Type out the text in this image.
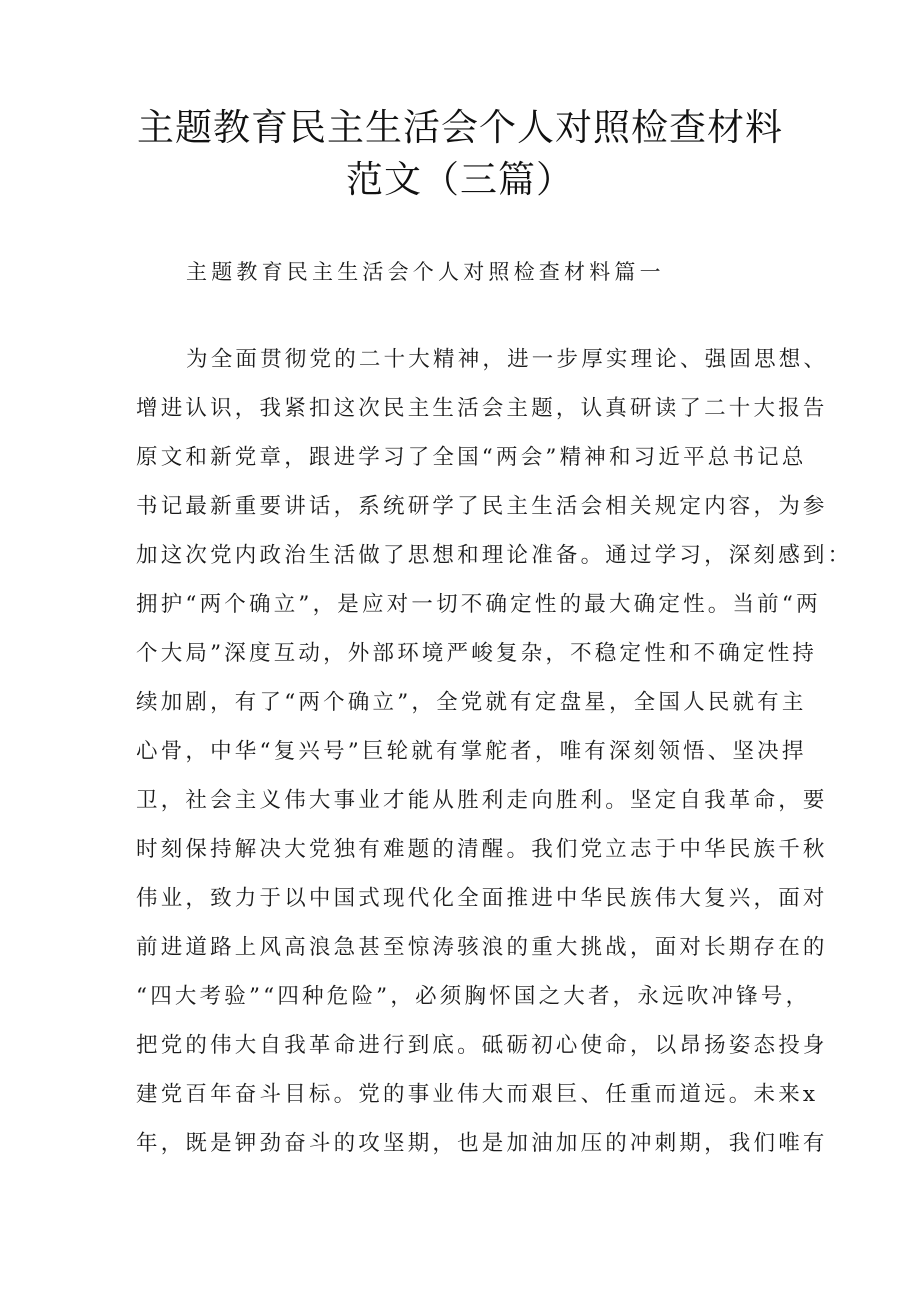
主题教育民主生活会个人对照检查材料
范文（三篇）
主题教育民主生活会个人对照检查材料篇一
为全面贯彻党的二十大精神，进一步厚实理论、强固思想、
增进认识，我紧扣这次民主生活会主题，认真研读了二十大报告
原文和新党章，跟进学习了全国“两会”精神和习近平总书记总
书记最新重要讲话，系统研学了民主生活会相关规定内容，为参
加这次党内政治生活做了思想和理论准备。通过学习，深刻感到：
拥护“两个确立”，是应对一切不确定性的最大确定性。当前“两
个大局”深度互动，外部环境严峻复杂，不稳定性和不确定性持
续加剧，有了“两个确立”，全党就有定盘星，全国人民就有主
心骨，中华“复兴号”巨轮就有掌舵者，唯有深刻领悟、坚决捍
卫，社会主义伟大事业才能从胜利走向胜利。坚定自我革命，要
时刻保持解决大党独有难题的清醒。我们党立志于中华民族千秋
伟业，致力于以中国式现代化全面推进中华民族伟大复兴，面对
前进道路上风高浪急甚至惊涛骇浪的重大挑战，面对长期存在的
“四大考验”“四种危险”，必须胸怀国之大者，永远吹冲锋号，
把党的伟大自我革命进行到底。砥砺初心使命，以昂扬姿态投身
建党百年奋斗目标。党的事业伟大而艰巨、任重而道远。未来x
年，既是钾劲奋斗的攻坚期，也是加油加压的冲刺期，我们唯有
